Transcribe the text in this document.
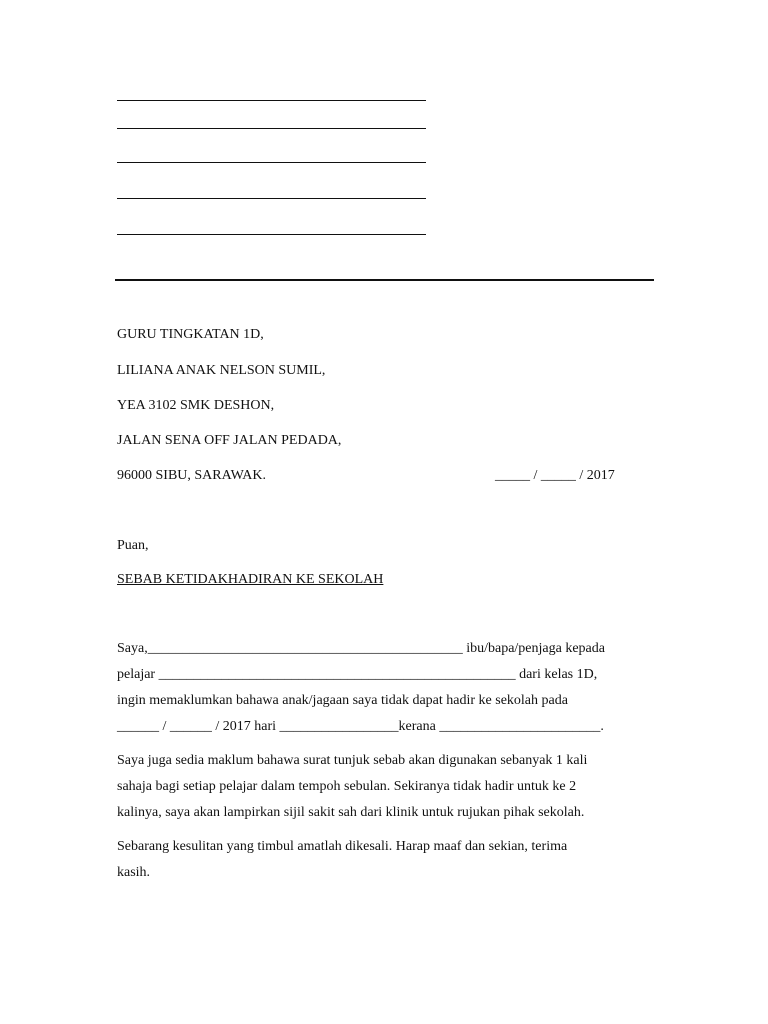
GURU TINGKATAN 1D,
LILIANA ANAK NELSON SUMIL,
YEA 3102 SMK DESHON,
JALAN SENA OFF JALAN PEDADA,
96000 SIBU, SARAWAK.	_____ / _____ / 2017
Puan,
SEBAB KETIDAKHADIRAN KE SEKOLAH
Saya,_____________________________________________ ibu/bapa/penjaga kepada
pelajar ___________________________________________________ dari kelas 1D,
ingin memaklumkan bahawa anak/jagaan saya tidak dapat hadir ke sekolah pada
______ / ______ / 2017 hari _________________kerana _______________________.
Saya juga sedia maklum bahawa surat tunjuk sebab akan digunakan sebanyak 1 kali
sahaja bagi setiap pelajar dalam tempoh sebulan. Sekiranya tidak hadir untuk ke 2
kalinya, saya akan lampirkan sijil sakit sah dari klinik untuk rujukan pihak sekolah.
Sebarang kesulitan yang timbul amatlah dikesali. Harap maaf dan sekian, terima
kasih.
